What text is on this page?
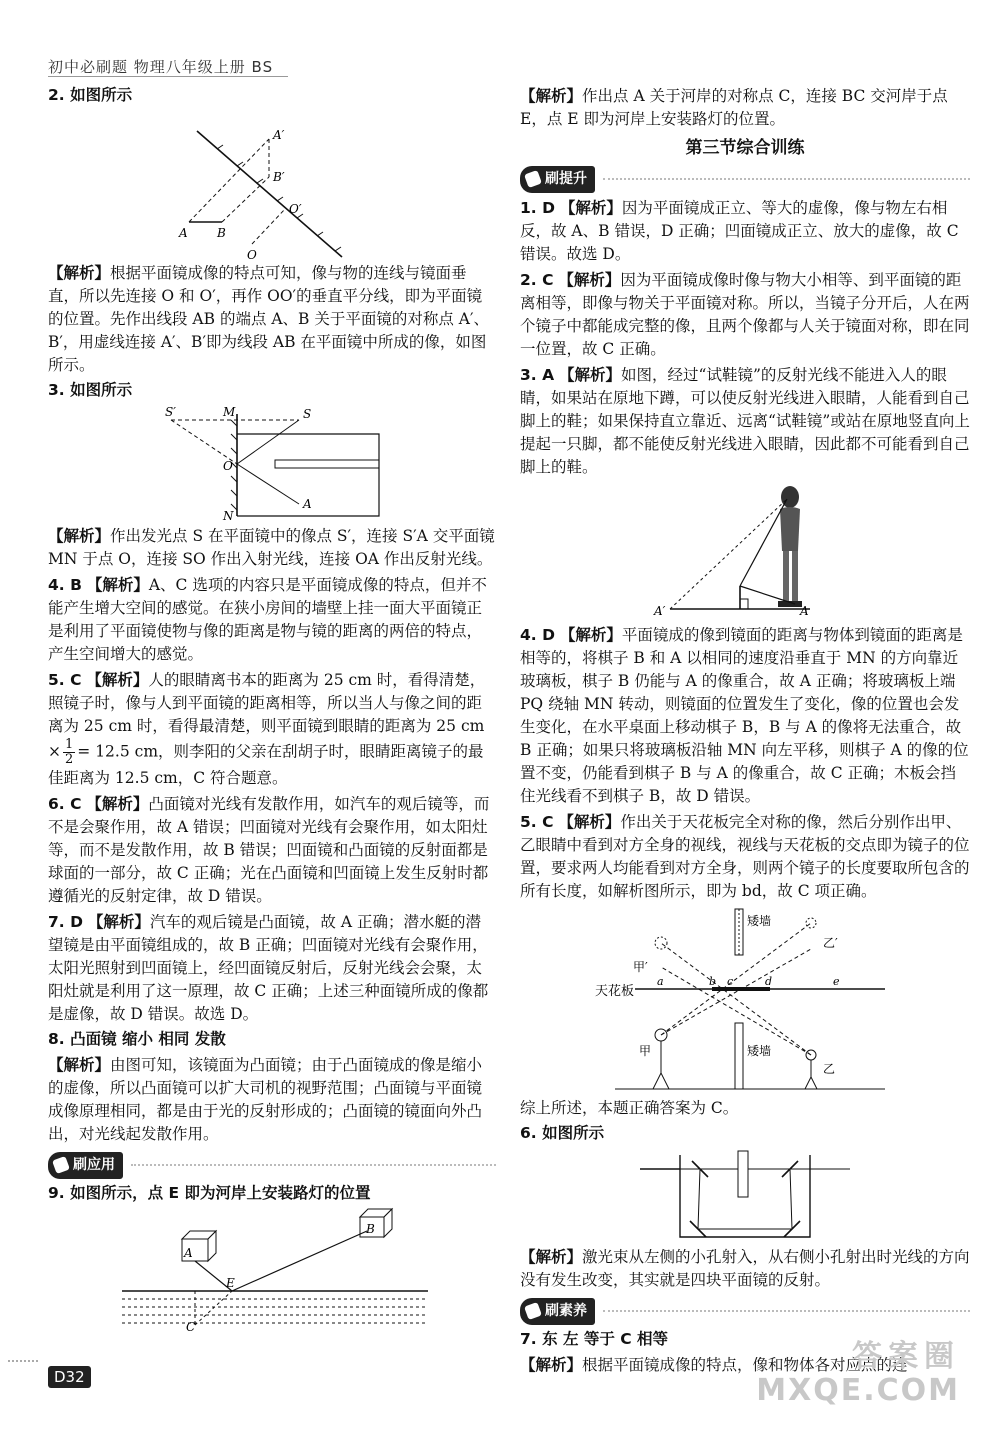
初中必刷题 物理八年级上册 BS

2. 如图所示

A′
B′
O′
A B
O

【解析】根据平面镜成像的特点可知，像与物的连线与镜面垂直，所以先连接 O 和 O′，再作 OO′的垂直平分线，即为平面镜的位置。先作出线段 AB 的端点 A、B 关于平面镜的对称点 A′、B′，用虚线连接 A′、B′即为线段 AB 在平面镜中所成的像，如图所示。

3. 如图所示

S′	M	S
O
A
N

【解析】作出发光点 S 在平面镜中的像点 S′，连接 S′A 交平面镜 MN 于点 O，连接 SO 作出入射光线，连接 OA 作出反射光线。

4. B 【解析】A、C 选项的内容只是平面镜成像的特点，但并不能产生增大空间的感觉。在狭小房间的墙壁上挂一面大平面镜正是利用了平面镜使物与像的距离是物与镜的距离的两倍的特点，产生空间增大的感觉。

5. C 【解析】人的眼睛离书本的距离为 25 cm 时，看得清楚，照镜子时，像与人到平面镜的距离相等，所以当人与像之间的距离为 25 cm 时，看得最清楚，则平面镜到眼睛的距离为 25 cm × $\frac{1}{2} = 12.5$ cm，则李阳的父亲在刮胡子时，眼睛距离镜子的最佳距离为 12.5 cm，C 符合题意。

6. C 【解析】凸面镜对光线有发散作用，如汽车的观后镜等，而不是会聚作用，故 A 错误；凹面镜对光线有会聚作用，如太阳灶等，而不是发散作用，故 B 错误；凹面镜和凸面镜的反射面都是球面的一部分，故 C 正确；光在凸面镜和凹面镜上发生反射时都遵循光的反射定律，故 D 错误。

7. D 【解析】汽车的观后镜是凸面镜，故 A 正确；潜水艇的潜望镜是由平面镜组成的，故 B 正确；凹面镜对光线有会聚作用，太阳光照射到凹面镜上，经凹面镜反射后，反射光线会会聚，太阳灶就是利用了这一原理，故 C 正确；上述三种面镜所成的像都是虚像，故 D 错误。故选 D。

8. 凸面镜 缩小 相同 发散

【解析】由图可知，该镜面为凸面镜；由于凸面镜成的像是缩小的虚像，所以凸面镜可以扩大司机的视野范围；凸面镜与平面镜成像原理相同，都是由于光的反射形成的；凸面镜的镜面向外凸出，对光线起发散作用。

刷应用

9. 如图所示，点 E 即为河岸上安装路灯的位置

A
B
E
C

【解析】作出点 A 关于河岸的对称点 C，连接 BC 交河岸于点 E，点 E 即为河岸上安装路灯的位置。

第三节综合训练
刷提升

1. D 【解析】因为平面镜成正立、等大的虚像，像与物左右相反，故 A、B 错误，D 正确；凹面镜成正立、放大的虚像，故 C 错误。故选 D。

2. C 【解析】因为平面镜成像时像与物大小相等、到平面镜的距离相等，即像与物关于平面镜对称。所以，当镜子分开后，人在两个镜子中都能成完整的像，且两个像都与人关于镜面对称，即在同一位置，故 C 正确。

3. A 【解析】如图，经过“试鞋镜”的反射光线不能进入人的眼睛，如果站在原地下蹲，可以使反射光线进入眼睛，人能看到自己脚上的鞋；如果保持直立靠近、远离“试鞋镜”或站在原地竖直向上提起一只脚，都不能使反射光线进入眼睛，因此都不可能看到自己脚上的鞋。

A′	A

4. D 【解析】平面镜成的像到镜面的距离与物体到镜面的距离是相等的，将棋子 B 和 A 以相同的速度沿垂直于 MN 的方向靠近玻璃板，棋子 B 仍能与 A 的像重合，故 A 正确；将玻璃板上端 PQ 绕轴 MN 转动，则镜面的位置发生了变化，像的位置也会发生变化，在水平桌面上移动棋子 B，B 与 A 的像将无法重合，故 B 正确；如果只将玻璃板沿轴 MN 向左平移，则棋子 A 的像的位置不变，仍能看到棋子 B 与 A 的像重合，故 C 正确；木板会挡住光线看不到棋子 B，故 D 错误。

5. C 【解析】作出关于天花板完全对称的像，然后分别作出甲、乙眼睛中看到对方全身的视线，视线与天花板的交点即为镜子的位置，要求两人均能看到对方全身，则两个镜子的长度要取所包含的所有长度，如解析图所示，即为 bd，故 C 项正确。

矮墙
甲′
乙′
天花板
a	b c	d	e
矮墙
甲
乙

综上所述，本题正确答案为 C。

6. 如图所示

【解析】激光束从左侧的小孔射入，从右侧小孔射出时光线的方向没有发生改变，其实就是四块平面镜的反射。

刷素养

7. 东 左 等于 C 相等

【解析】根据平面镜成像的特点，像和物体各对应点的连

D32
答案圈
MXQE.COM
